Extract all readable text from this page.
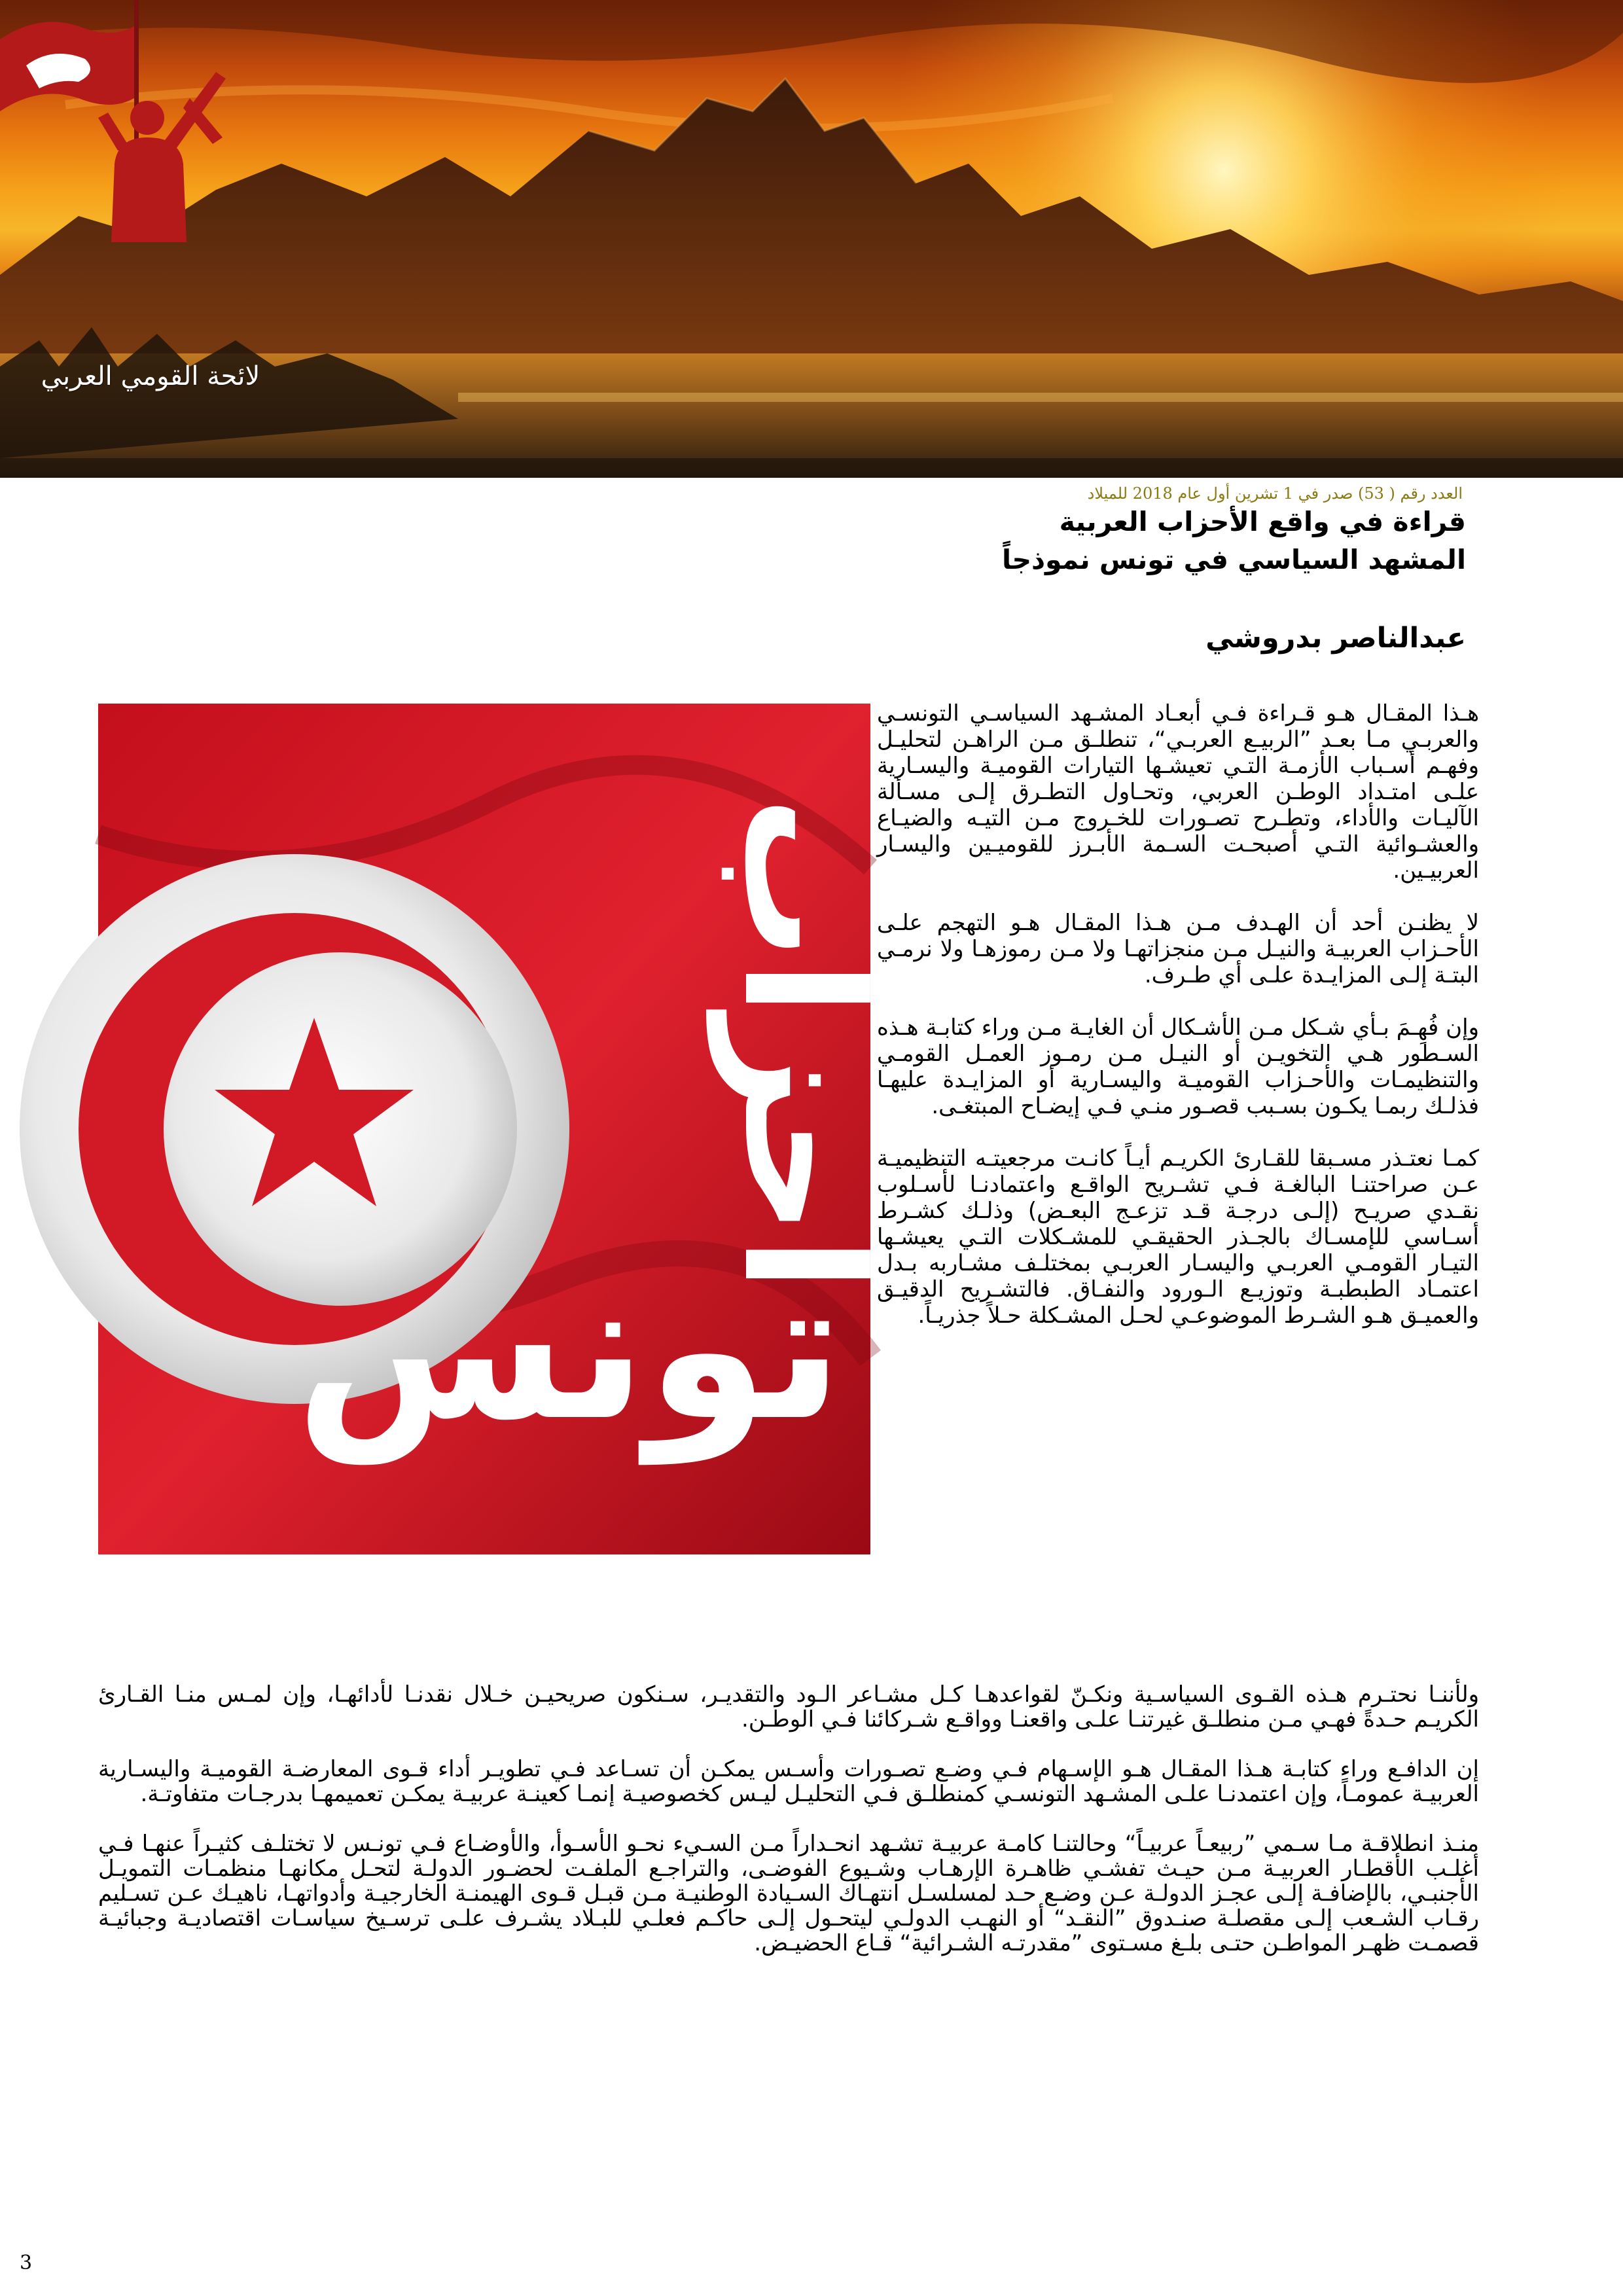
لائحة القومي العربي
العدد رقم ( 53) صدر في 1 تشرين أول عام 2018 للميلاد
قراءة في واقع الأحزاب العربية
المشهد السياسي في تونس نموذجاً
عبدالناصر بدروشي
أحزاب
تونس

هـذا المقـال هـو قـراءة فـي أبعـاد المشـهد السياسـي التونسـي والعربـي مـا بعـد ”الربيـع العربـي“، تنطلـق مـن الراهـن لتحليـل وفهـم أسـباب الأزمـة التـي تعيشـها التيارات القوميـة واليسـارية علـى امتـداد الوطـن العربي، وتحـاول التطـرق إلـى مسـألة الآليـات والأداء، وتطـرح تصـورات للخـروج مـن التيـه والضيـاع والعشـوائية التـي أصبحـت السـمة الأبـرز للقوميـين واليسـار العربيـين.

لا يظنـن أحد أن الهـدف مـن هـذا المقـال هـو التهجم علـى الأحـزاب العربيـة والنيـل مـن منجزاتهـا ولا مـن رموزهـا ولا نرمـي البتـة إلـى المزايـدة علـى أي طـرف.

وإن فُهِـمَ بـأي شـكل مـن الأشـكال أن الغايـة مـن وراء كتابـة هـذه السـطور هـي التخويـن أو النيـل مـن رمـوز العمـل القومـي والتنظيمـات والأحـزاب القوميـة واليسـارية أو المزايـدة عليهـا فذلـك ربمـا يكـون بسـبب قصـور منـي فـي إيضـاح المبتغـى.

كمـا نعتـذر مسـبقا للقـارئ الكريـم أيـاً كانـت مرجعيتـه التنظيميـة عـن صراحتنـا البالغـة فـي تشـريح الواقـع واعتمادنـا لأسـلوب نقـدي صريـح (إلـى درجـة قـد تزعـج البعـض) وذلـك كشـرط أسـاسي للإمسـاك بالجـذر الحقيقـي للمشـكلات التـي يعيشـها التيـار القومـي العربـي واليسـار العربـي بمختلـف مشـاربه بـدل اعتمـاد الطبطبـة وتوزيـع الـورود والنفـاق. فالتشـريح الدقيـق والعميـق هـو الشـرط الموضوعـي لحـل المشـكلة حـلاً جذريـاً.

ولأننـا نحتـرم هـذه القـوى السياسـية ونكـنّ لقواعدهـا كـل مشـاعر الـود والتقديـر، سـنكون صريحيـن خـلال نقدنـا لأدائهـا، وإن لمـس منـا القـارئ الكريـم حـدةً فهـي مـن منطلـق غيرتنـا علـى واقعنـا وواقـع شـركائنا فـي الوطـن.

إن الدافـع وراء كتابـة هـذا المقـال هـو الإسـهام فـي وضـع تصـورات وأسـس يمكـن أن تسـاعد فـي تطويـر أداء قـوى المعارضـة القوميـة واليسـارية العربيـة عمومـاً، وإن اعتمدنـا علـى المشـهد التونسـي كمنطلـق فـي التحليـل ليـس كخصوصيـة إنمـا كعينـة عربيـة يمكـن تعميمهـا بدرجـات متفاوتـة.

منـذ انطلاقـة مـا سـمي ”ربيعـاً عربيـاً“ وحالتنـا كامـة عربيـة تشـهد انحـداراً مـن السـيء نحـو الأسـوأ، والأوضـاع فـي تونـس لا تختلـف كثيـراً عنهـا فـي أغلـب الأقطـار العربيـة مـن حيـث تفشـي ظاهـرة الإرهـاب وشـيوع الفوضـى، والتراجـع الملفـت لحضـور الدولـة لتحـل مكانهـا منظمـات التمويـل الأجنبـي، بالإضافـة إلـى عجـز الدولـة عـن وضـع حـد لمسلسـل انتهـاك السـيادة الوطنيـة مـن قبـل قـوى الهيمنـة الخارجيـة وأدواتهـا، ناهيـك عـن تسـليم رقـاب الشـعب إلـى مقصلـة صنـدوق ”النقـد“ أو النهـب الدولـي ليتحـول إلـى حاكـم فعلـي للبـلاد يشـرف علـى ترسـيخ سياسـات اقتصاديـة وجبائيـة قصمـت ظهـر المواطـن حتـى بلـغ مسـتوى ”مقدرتـه الشـرائية“ قـاع الحضيـض.

3
